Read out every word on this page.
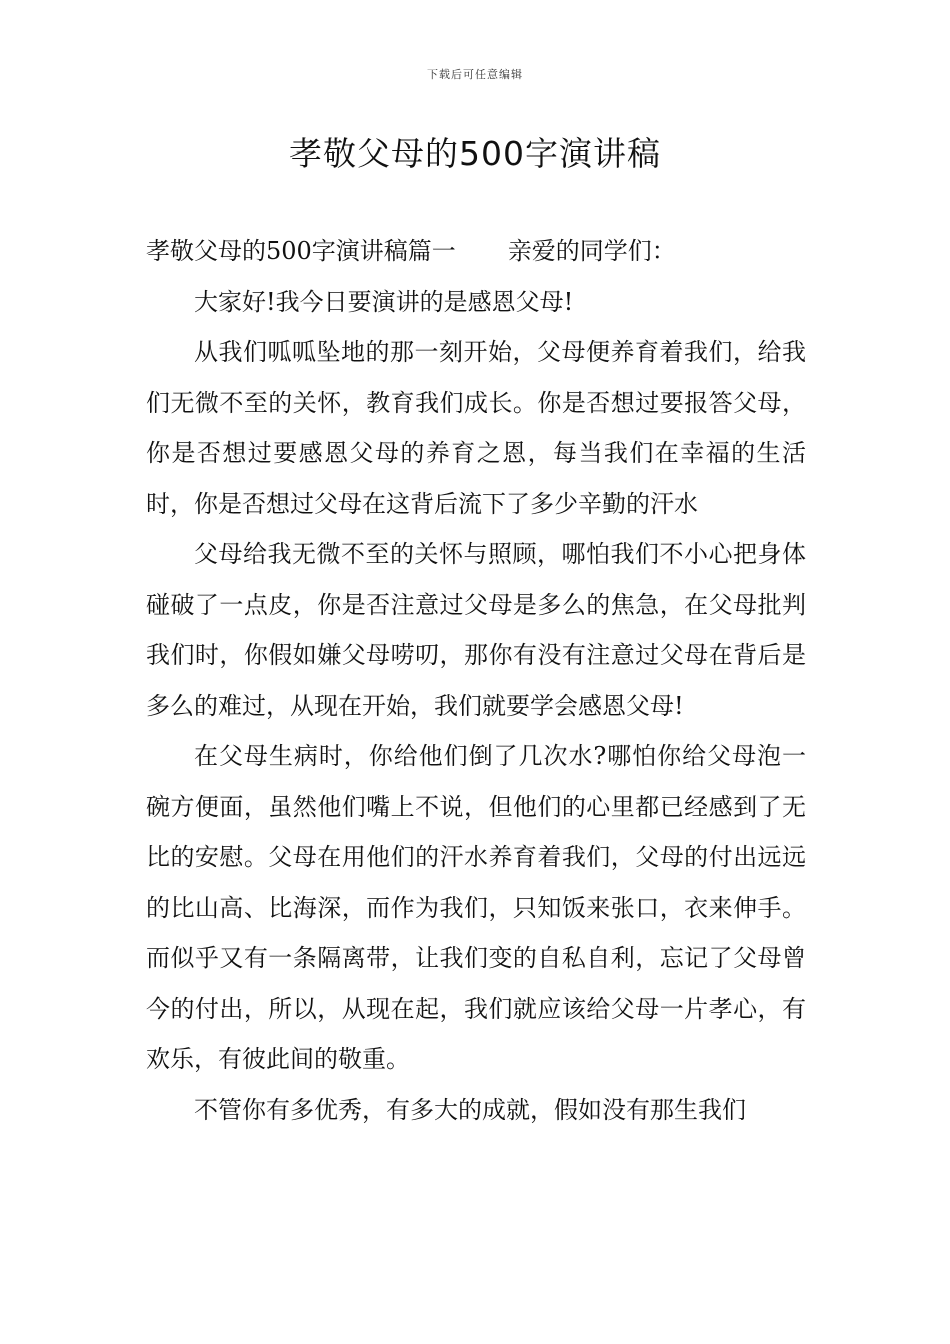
下载后可任意编辑
孝敬父母的500字演讲稿

孝敬父母的500字演讲稿篇一 亲爱的同学们：

大家好!我今日要演讲的是感恩父母!

从我们呱呱坠地的那一刻开始，父母便养育着我们，给我们无微不至的关怀，教育我们成长。你是否想过要报答父母，你是否想过要感恩父母的养育之恩，每当我们在幸福的生活时，你是否想过父母在这背后流下了多少辛勤的汗水

父母给我无微不至的关怀与照顾，哪怕我们不小心把身体碰破了一点皮，你是否注意过父母是多么的焦急，在父母批判我们时，你假如嫌父母唠叨，那你有没有注意过父母在背后是多么的难过，从现在开始，我们就要学会感恩父母!

在父母生病时，你给他们倒了几次水?哪怕你给父母泡一碗方便面，虽然他们嘴上不说，但他们的心里都已经感到了无比的安慰。父母在用他们的汗水养育着我们，父母的付出远远的比山高、比海深，而作为我们，只知饭来张口，衣来伸手。而似乎又有一条隔离带，让我们变的自私自利，忘记了父母曾今的付出，所以，从现在起，我们就应该给父母一片孝心，有欢乐，有彼此间的敬重。

不管你有多优秀，有多大的成就，假如没有那生我们
